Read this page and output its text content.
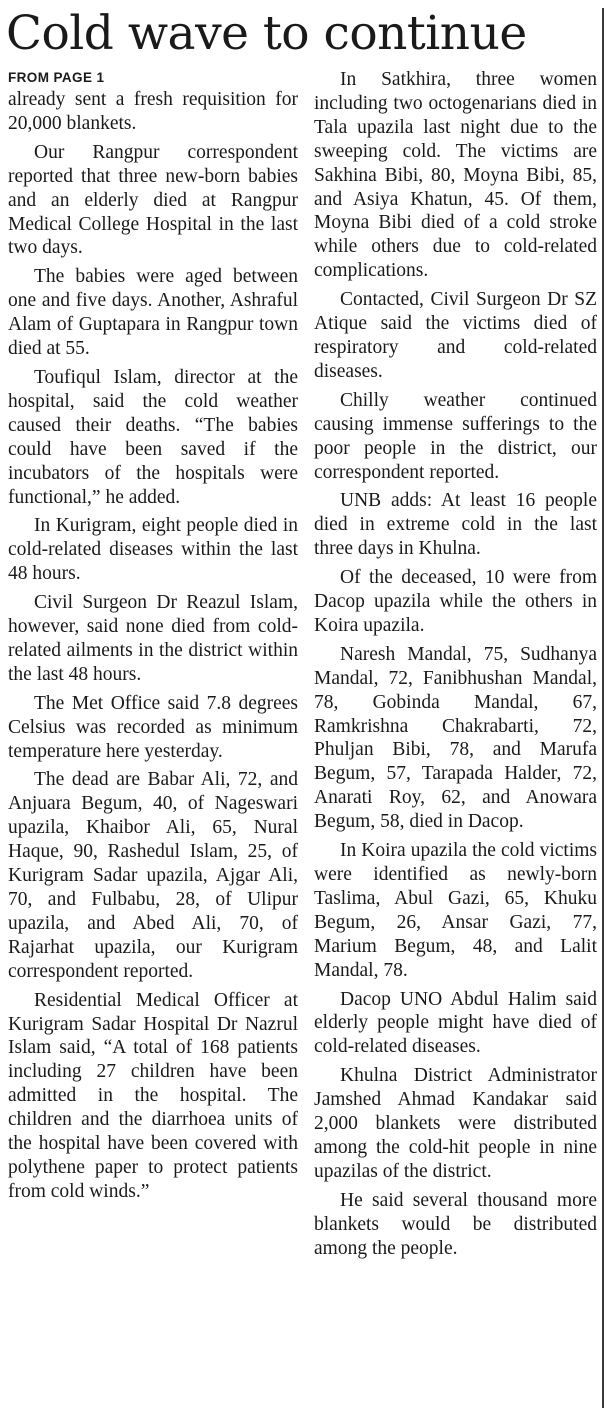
Cold wave to continue
FROM PAGE 1

already sent a fresh requisition for 20,000 blankets.

Our Rangpur correspondent reported that three new-born babies and an elderly died at Rangpur Medical College Hospital in the last two days.

The babies were aged between one and five days. Another, Ashraful Alam of Guptapara in Rangpur town died at 55.

Toufiqul Islam, director at the hospital, said the cold weather caused their deaths. “The babies could have been saved if the incubators of the hospitals were functional,” he added.

In Kurigram, eight people died in cold-related diseases within the last 48 hours.

Civil Surgeon Dr Reazul Islam, however, said none died from cold-related ailments in the district within the last 48 hours.

The Met Office said 7.8 degrees Celsius was recorded as minimum temperature here yesterday.

The dead are Babar Ali, 72, and Anjuara Begum, 40, of Nageswari upazila, Khaibor Ali, 65, Nural Haque, 90, Rashedul Islam, 25, of Kurigram Sadar upazila, Ajgar Ali, 70, and Fulbabu, 28, of Ulipur upazila, and Abed Ali, 70, of Rajarhat upazila, our Kurigram correspondent reported.

Residential Medical Officer at Kurigram Sadar Hospital Dr Nazrul Islam said, “A total of 168 patients including 27 children have been admitted in the hospital. The children and the diarrhoea units of the hospital have been covered with polythene paper to protect patients from cold winds.”

In Satkhira, three women including two octogenarians died in Tala upazila last night due to the sweeping cold. The victims are Sakhina Bibi, 80, Moyna Bibi, 85, and Asiya Khatun, 45. Of them, Moyna Bibi died of a cold stroke while others due to cold-related complications.

Contacted, Civil Surgeon Dr SZ Atique said the victims died of respiratory and cold-related diseases.

Chilly weather continued causing immense sufferings to the poor people in the district, our correspondent reported.

UNB adds: At least 16 people died in extreme cold in the last three days in Khulna.

Of the deceased, 10 were from Dacop upazila while the others in Koira upazila.

Naresh Mandal, 75, Sudhanya Mandal, 72, Fanibhushan Mandal, 78, Gobinda Mandal, 67, Ramkrishna Chakrabarti, 72, Phuljan Bibi, 78, and Marufa Begum, 57, Tarapada Halder, 72, Anarati Roy, 62, and Anowara Begum, 58, died in Dacop.

In Koira upazila the cold victims were identified as newly-born Taslima, Abul Gazi, 65, Khuku Begum, 26, Ansar Gazi, 77, Marium Begum, 48, and Lalit Mandal, 78.

Dacop UNO Abdul Halim said elderly people might have died of cold-related diseases.

Khulna District Administrator Jamshed Ahmad Kandakar said 2,000 blankets were distributed among the cold-hit people in nine upazilas of the district.

He said several thousand more blankets would be distributed among the people.
